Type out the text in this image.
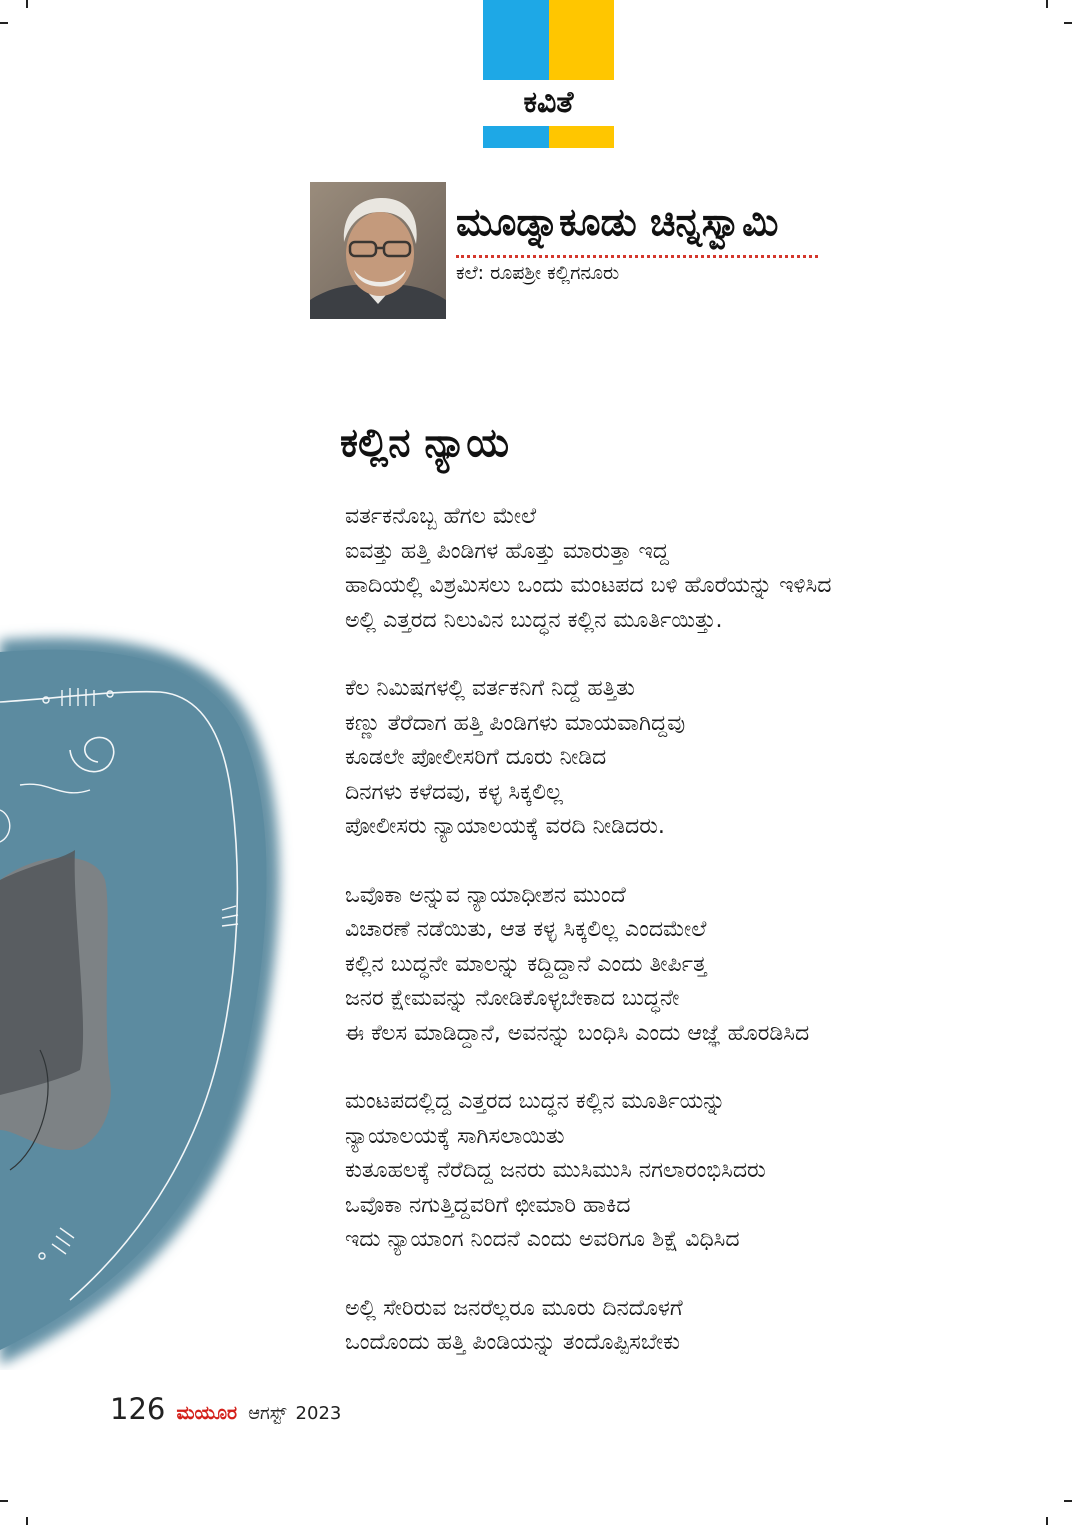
ಕವಿತೆ
ಮೂಡ್ನಾಕೂಡು ಚಿನ್ನಸ್ವಾಮಿ
ಕಲೆ: ರೂಪಶ್ರೀ ಕಲ್ಲಿಗನೂರು
ಕಲ್ಲಿನ ನ್ಯಾಯ
ವರ್ತಕನೊಬ್ಬ ಹೆಗಲ ಮೇಲೆ
ಐವತ್ತು ಹತ್ತಿ ಪಿಂಡಿಗಳ ಹೊತ್ತು ಮಾರುತ್ತಾ ಇದ್ದ
ಹಾದಿಯಲ್ಲಿ ವಿಶ್ರಮಿಸಲು ಒಂದು ಮಂಟಪದ ಬಳಿ ಹೊರೆಯನ್ನು ಇಳಿಸಿದ
ಅಲ್ಲಿ ಎತ್ತರದ ನಿಲುವಿನ ಬುದ್ಧನ ಕಲ್ಲಿನ ಮೂರ್ತಿಯಿತ್ತು.
ಕೆಲ ನಿಮಿಷಗಳಲ್ಲಿ ವರ್ತಕನಿಗೆ ನಿದ್ದೆ ಹತ್ತಿತು
ಕಣ್ಣು ತೆರೆದಾಗ ಹತ್ತಿ ಪಿಂಡಿಗಳು ಮಾಯವಾಗಿದ್ದವು
ಕೂಡಲೇ ಪೋಲೀಸರಿಗೆ ದೂರು ನೀಡಿದ
ದಿನಗಳು ಕಳೆದವು, ಕಳ್ಳ ಸಿಕ್ಕಲಿಲ್ಲ
ಪೋಲೀಸರು ನ್ಯಾಯಾಲಯಕ್ಕೆ ವರದಿ ನೀಡಿದರು.
ಒವೊಕಾ ಅನ್ನುವ ನ್ಯಾಯಾಧೀಶನ ಮುಂದೆ
ವಿಚಾರಣೆ ನಡೆಯಿತು, ಆತ ಕಳ್ಳ ಸಿಕ್ಕಲಿಲ್ಲ ಎಂದಮೇಲೆ
ಕಲ್ಲಿನ ಬುದ್ಧನೇ ಮಾಲನ್ನು ಕದ್ದಿದ್ದಾನೆ ಎಂದು ತೀರ್ಪಿತ್ತ
ಜನರ ಕ್ಷೇಮವನ್ನು ನೋಡಿಕೊಳ್ಳಬೇಕಾದ ಬುದ್ಧನೇ
ಈ ಕೆಲಸ ಮಾಡಿದ್ದಾನೆ, ಅವನನ್ನು ಬಂಧಿಸಿ ಎಂದು ಆಜ್ಞೆ ಹೊರಡಿಸಿದ
ಮಂಟಪದಲ್ಲಿದ್ದ ಎತ್ತರದ ಬುದ್ಧನ ಕಲ್ಲಿನ ಮೂರ್ತಿಯನ್ನು
ನ್ಯಾಯಾಲಯಕ್ಕೆ ಸಾಗಿಸಲಾಯಿತು
ಕುತೂಹಲಕ್ಕೆ ನೆರೆದಿದ್ದ ಜನರು ಮುಸಿಮುಸಿ ನಗಲಾರಂಭಿಸಿದರು
ಒವೊಕಾ ನಗುತ್ತಿದ್ದವರಿಗೆ ಛೀಮಾರಿ ಹಾಕಿದ
ಇದು ನ್ಯಾಯಾಂಗ ನಿಂದನೆ ಎಂದು ಅವರಿಗೂ ಶಿಕ್ಷೆ ವಿಧಿಸಿದ
ಅಲ್ಲಿ ಸೇರಿರುವ ಜನರೆಲ್ಲರೂ ಮೂರು ದಿನದೊಳಗೆ
ಒಂದೊಂದು ಹತ್ತಿ ಪಿಂಡಿಯನ್ನು ತಂದೊಪ್ಪಿಸಬೇಕು
126 ಮಯೂರ ಆಗಸ್ಟ್ 2023
